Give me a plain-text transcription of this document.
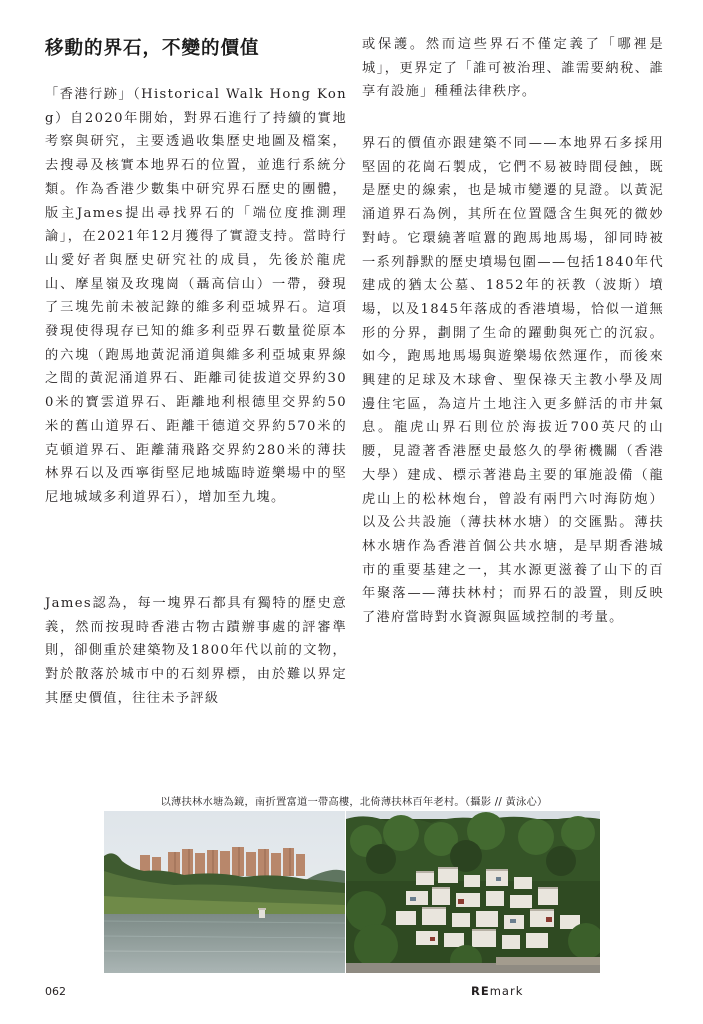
移動的界石，不變的價值
「香港行跡」（Historical Walk Hong Kong）自2020年開始，對界石進行了持續的實地考察與研究，主要透過收集歷史地圖及檔案，去搜尋及核實本地界石的位置，並進行系統分類。作為香港少數集中研究界石歷史的團體，版主James提出尋找界石的「端位度推測理論」，在2021年12月獲得了實證支持。當時行山愛好者與歷史研究社的成員，先後於龍虎山、摩星嶺及玫瑰崗（聶高信山）一帶，發現了三塊先前未被記錄的維多利亞城界石。這項發現使得現存已知的維多利亞界石數量從原本的六塊（跑馬地黃泥涌道與維多利亞城東界線之間的黃泥涌道界石、距離司徒拔道交界約300米的寶雲道界石、距離地利根德里交界約50米的舊山道界石、距離干德道交界約570米的克頓道界石、距離蒲飛路交界約280米的薄扶林界石以及西寧街堅尼地城臨時遊樂場中的堅尼地城域多利道界石），增加至九塊。
James認為，每一塊界石都具有獨特的歷史意義，然而按現時香港古物古蹟辦事處的評審準則，卻側重於建築物及1800年代以前的文物，對於散落於城市中的石刻界標，由於難以界定其歷史價值，往往未予評級
或保護。然而這些界石不僅定義了「哪裡是城」，更界定了「誰可被治理、誰需要納稅、誰享有設施」種種法律秩序。
界石的價值亦跟建築不同——本地界石多採用堅固的花崗石製成，它們不易被時間侵蝕，既是歷史的線索，也是城市變遷的見證。以黃泥涌道界石為例，其所在位置隱含生與死的微妙對峙。它環繞著喧囂的跑馬地馬場，卻同時被一系列靜默的歷史墳場包圍——包括1840年代建成的猶太公墓、1852年的祆教（波斯）墳場，以及1845年落成的香港墳場，恰似一道無形的分界，劃開了生命的躍動與死亡的沉寂。如今，跑馬地馬場與遊樂場依然運作，而後來興建的足球及木球會、聖保祿天主教小學及周邊住宅區，為這片土地注入更多鮮活的市井氣息。龍虎山界石則位於海拔近700英尺的山腰，見證著香港歷史最悠久的學術機關（香港大學）建成、標示著港島主要的軍施設備（龍虎山上的松林炮台，曾設有兩門六吋海防炮）以及公共設施（薄扶林水塘）的交匯點。薄扶林水塘作為香港首個公共水塘，是早期香港城市的重要基建之一，其水源更滋養了山下的百年聚落——薄扶林村；而界石的設置，則反映了港府當時對水資源與區域控制的考量。
以薄扶林水塘為鏡，南折置富道一帶高樓，北倚薄扶林百年老村。（攝影 // 黃泳心）
062	REmark
